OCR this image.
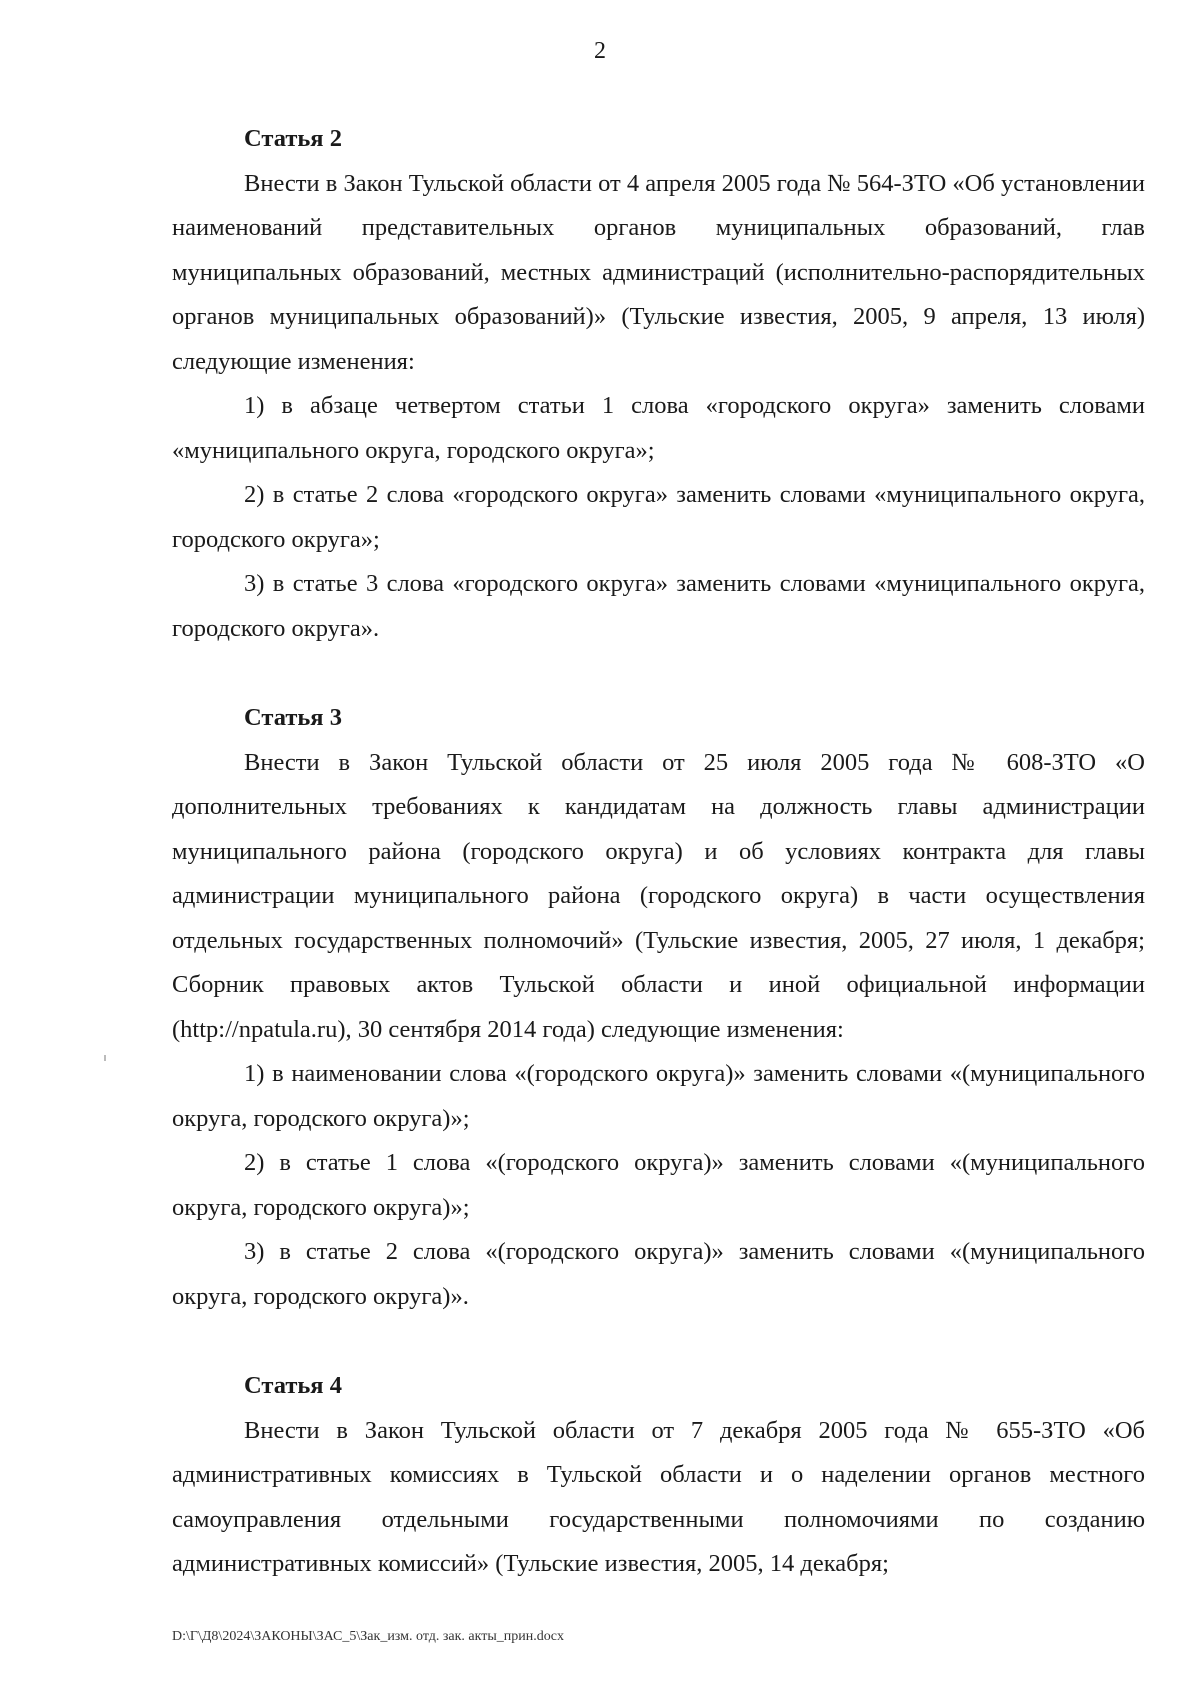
2
Статья 2

Внести в Закон Тульской области от 4 апреля 2005 года № 564-ЗТО «Об установлении наименований представительных органов муниципальных образований, глав муниципальных образований, местных администраций (исполнительно-распорядительных органов муниципальных образований)» (Тульские известия, 2005, 9 апреля, 13 июля) следующие изменения:

1) в абзаце четвертом статьи 1 слова «городского округа» заменить словами «муниципального округа, городского округа»;

2) в статье 2 слова «городского округа» заменить словами «муниципального округа, городского округа»;

3) в статье 3 слова «городского округа» заменить словами «муниципального округа, городского округа».

Статья 3

Внести в Закон Тульской области от 25 июля 2005 года № 608-ЗТО «О дополнительных требованиях к кандидатам на должность главы администрации муниципального района (городского округа) и об условиях контракта для главы администрации муниципального района (городского округа) в части осуществления отдельных государственных полномочий» (Тульские известия, 2005, 27 июля, 1 декабря; Сборник правовых актов Тульской области и иной официальной информации (http://npatula.ru), 30 сентября 2014 года) следующие изменения:

1) в наименовании слова «(городского округа)» заменить словами «(муниципального округа, городского округа)»;

2) в статье 1 слова «(городского округа)» заменить словами «(муниципального округа, городского округа)»;

3) в статье 2 слова «(городского округа)» заменить словами «(муниципального округа, городского округа)».

Статья 4

Внести в Закон Тульской области от 7 декабря 2005 года № 655-ЗТО «Об административных комиссиях в Тульской области и о наделении органов местного самоуправления отдельными государственными полномочиями по созданию административных комиссий» (Тульские известия, 2005, 14 декабря;

D:\Г\Д8\2024\ЗАКОНЫ\ЗАС_5\Зак_изм. отд. зак. акты_прин.docx
